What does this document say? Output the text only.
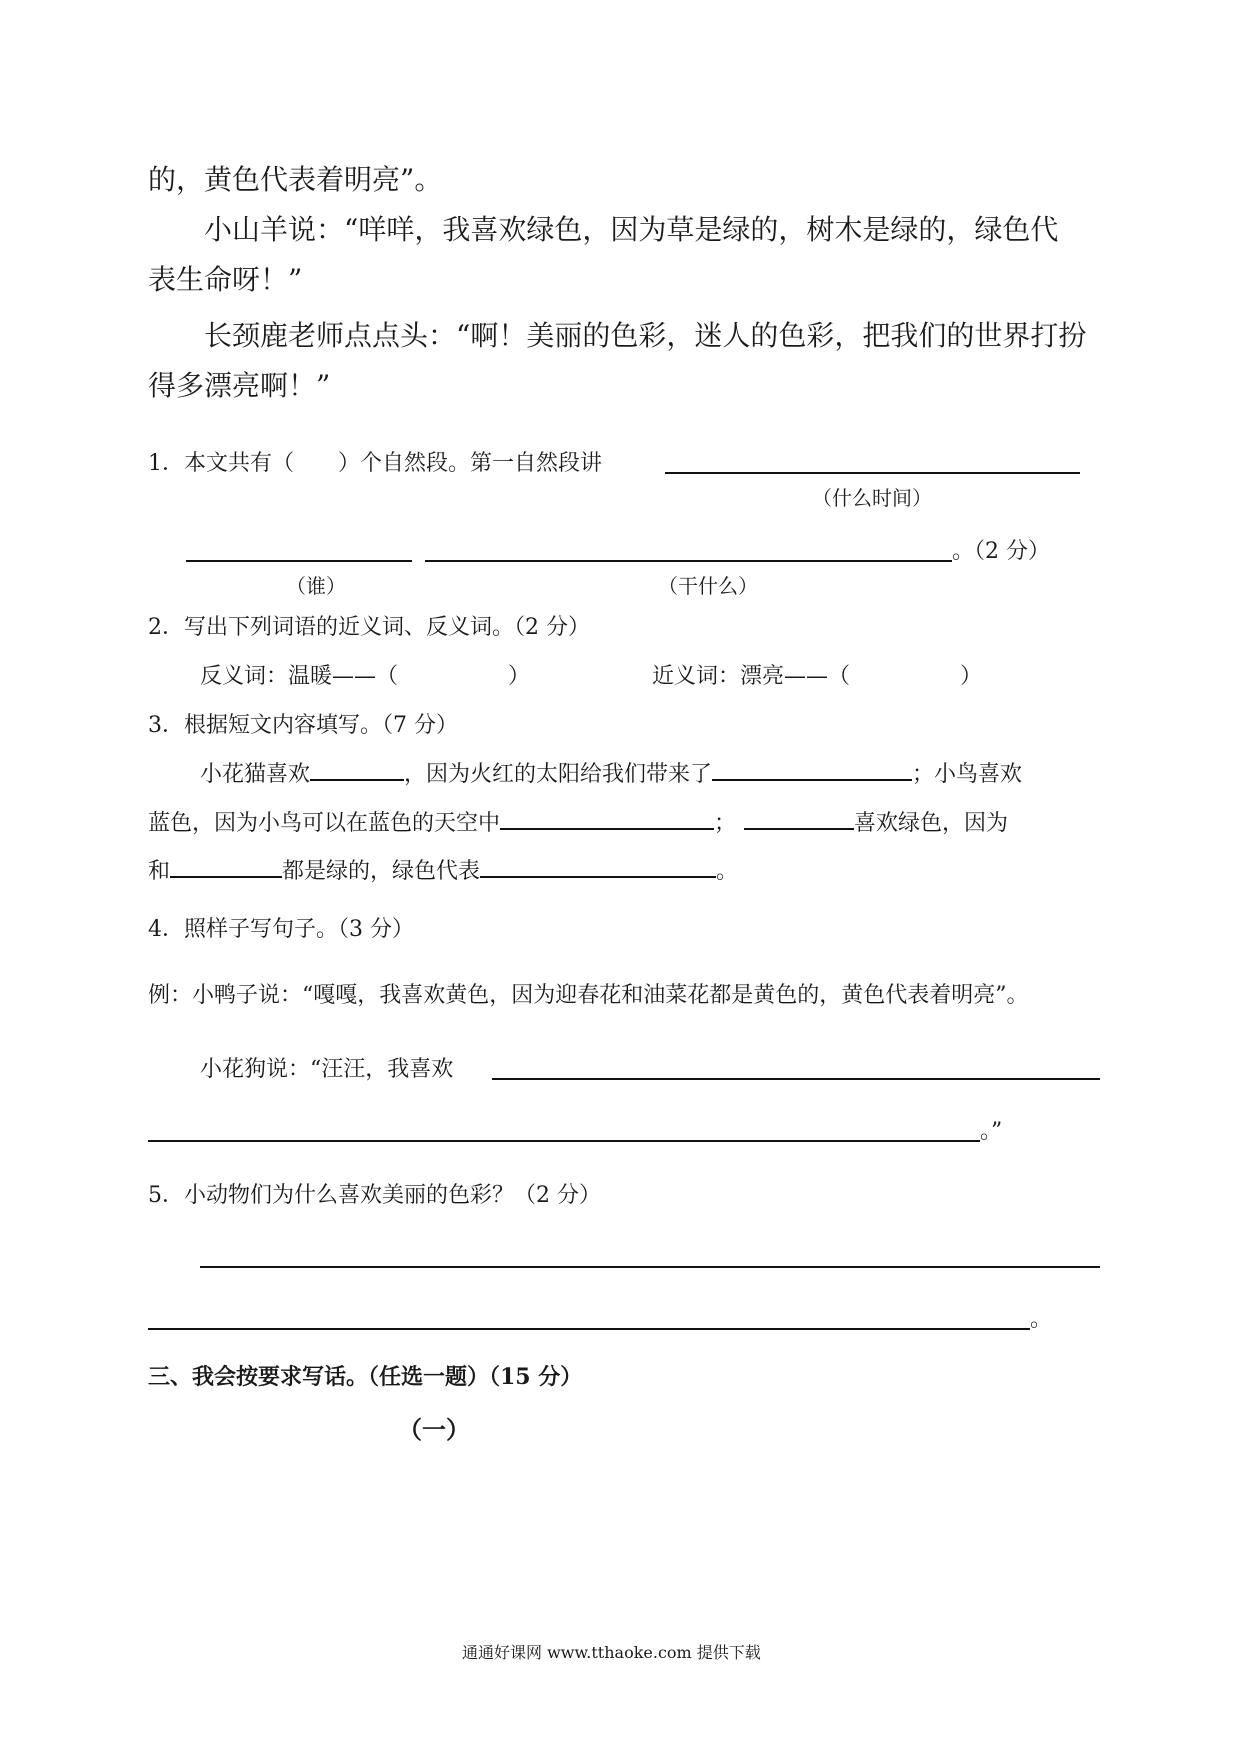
的，黄色代表着明亮”。
小山羊说：“咩咩，我喜欢绿色，因为草是绿的，树木是绿的，绿色代
表生命呀！”
长颈鹿老师点点头：“啊！美丽的色彩，迷人的色彩，把我们的世界打扮
得多漂亮啊！”
1．本文共有（　　）个自然段。第一自然段讲
（什么时间）
。（2 分）
（谁）	（干什么）
2．写出下列词语的近义词、反义词。（2 分）
反义词：温暖——（　　　　　）	近义词：漂亮——（　　　　　）
3．根据短文内容填写。（7 分）
小花猫喜欢	，因为火红的太阳给我们带来了	；小鸟喜欢
蓝色，因为小鸟可以在蓝色的天空中	；	喜欢绿色，因为
和	都是绿的，绿色代表	。
4．照样子写句子。（3 分）
例：小鸭子说：“嘎嘎，我喜欢黄色，因为迎春花和油菜花都是黄色的，黄色代表着明亮”。
小花狗说：“汪汪，我喜欢
。”
5．小动物们为什么喜欢美丽的色彩？（2 分）
。
三、我会按要求写话。（任选一题）（15 分）
（一）
通通好课网 www.tthaoke.com 提供下载
